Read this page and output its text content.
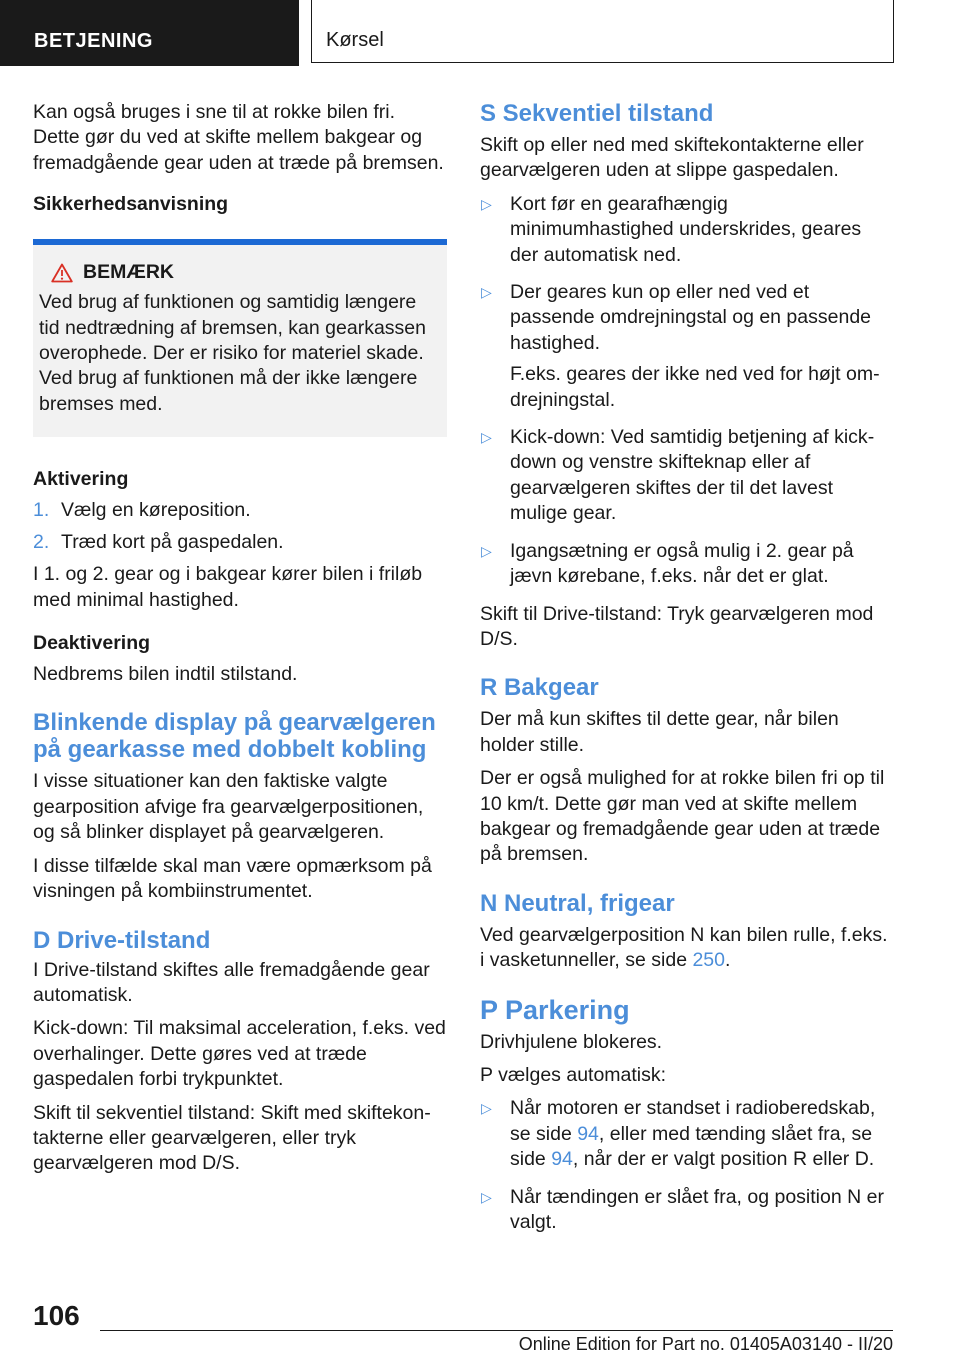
BETJENING	Kørsel

Kan også bruges i sne til at rokke bilen fri. Dette gør du ved at skifte mellem bakgear og fremadgående gear uden at træde på bremsen.

Sikkerhedsanvisning
BEMÆRK

Ved brug af funktionen og samtidig længere tid nedtrædning af bremsen, kan gearkassen overophede. Der er risiko for materiel skade. Ved brug af funktionen må der ikke længere bremses med.

Aktivering
1. Vælg en køreposition.
2. Træd kort på gaspedalen.

I 1. og 2. gear og i bakgear kører bilen i friløb med minimal hastighed.

Deaktivering

Nedbrems bilen indtil stilstand.

Blinkende display på gearvælgeren på gearkasse med dobbelt kobling

I visse situationer kan den faktiske valgte gearposition afvige fra gearvælgerpositionen, og så blinker displayet på gearvælgeren.

I disse tilfælde skal man være opmærksom på visningen på kombiinstrumentet.

D Drive-tilstand

I Drive-tilstand skiftes alle fremadgående gear automatisk.

Kick-down: Til maksimal acceleration, f.eks. ved overhalinger. Dette gøres ved at træde gaspedalen forbi trykpunktet.

Skift til sekventiel tilstand: Skift med skiftekontakterne eller gearvælgeren, eller tryk gearvælgeren mod D/S.

S Sekventiel tilstand

Skift op eller ned med skiftekontakterne eller gearvælgeren uden at slippe gaspedalen.

▷ Kort før en gearafhængig minimumhastighed underskrides, geares der automatisk ned.

▷ Der geares kun op eller ned ved et passende omdrejningstal og en passende hastighed.

F.eks. geares der ikke ned ved for højt omdrejningstal.

▷ Kick-down: Ved samtidig betjening af kickdown og venstre skifteknap eller af gearvælgeren skiftes der til det lavest mulige gear.

▷ Igangsætning er også mulig i 2. gear på jævn kørebane, f.eks. når det er glat.

Skift til Drive-tilstand: Tryk gearvælgeren mod D/S.

R Bakgear

Der må kun skiftes til dette gear, når bilen holder stille.

Der er også mulighed for at rokke bilen fri op til 10 km/t. Dette gør man ved at skifte mellem bakgear og fremadgående gear uden at træde på bremsen.

N Neutral, frigear

Ved gearvælgerposition N kan bilen rulle, f.eks. i vasketunneller, se side 250.

P Parkering

Drivhjulene blokeres.

P vælges automatisk:

▷ Når motoren er standset i radioberedskab, se side 94, eller med tænding slået fra, se side 94, når der er valgt position R eller D.

▷ Når tændingen er slået fra, og position N er valgt.

106
Online Edition for Part no. 01405A03140 - II/20
